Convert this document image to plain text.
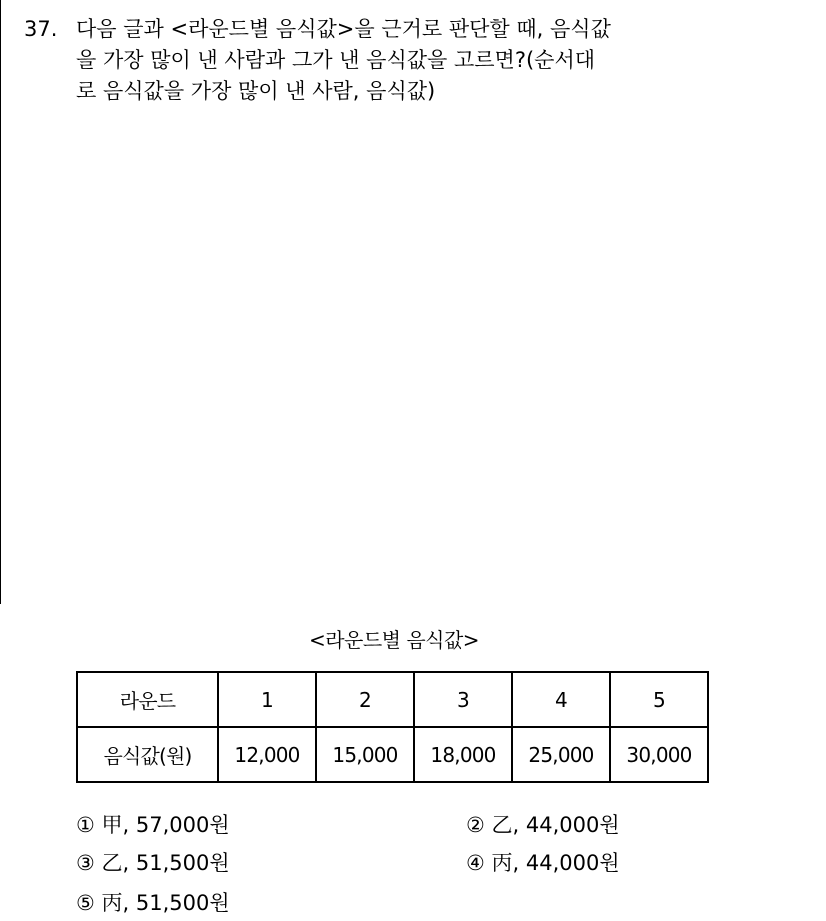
37. 다음 글과 <라운드별 음식값>을 근거로 판단할 때, 음식값
을 가장 많이 낸 사람과 그가 낸 음식값을 고르면?(순서대
로 음식값을 가장 많이 낸 사람, 음식값)
<라운드별 음식값>
라운드	1	2	3	4	5
음식값(원)	12,000	15,000	18,000	25,000	30,000
① 甲, 57,000원	② 乙, 44,000원
③ 乙, 51,500원	④ 丙, 44,000원
⑤ 丙, 51,500원
